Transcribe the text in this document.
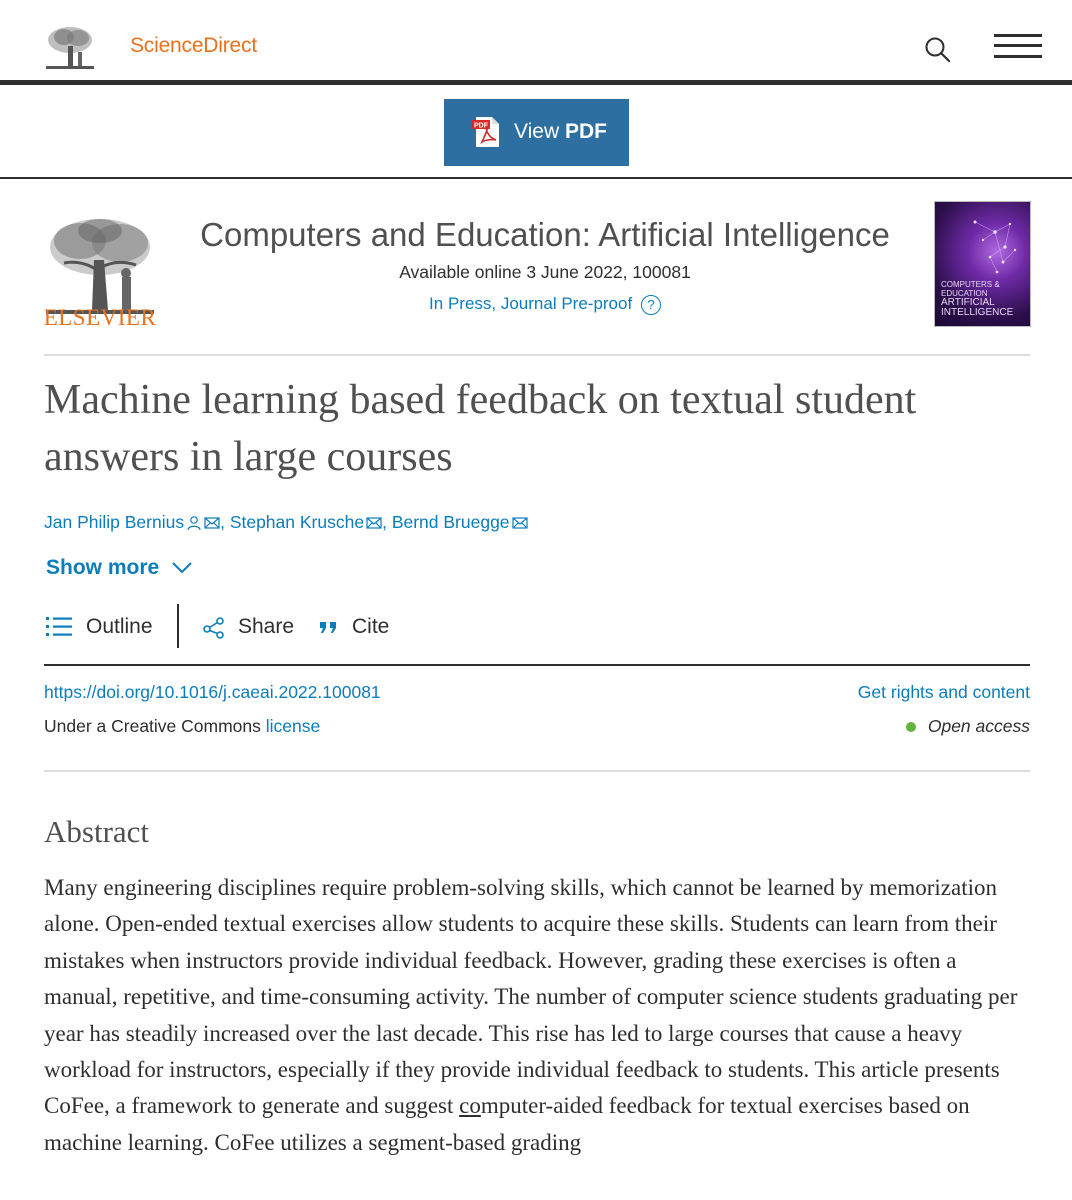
ScienceDirect
PDF View PDF
ELSEVIER
Computers and Education: Artificial Intelligence
Available online 3 June 2022, 100081
In Press, Journal Pre-proof ?
COMPUTERS & EDUCATION
ARTIFICIAL INTELLIGENCE
Machine learning based feedback on textual student answers in large courses
Jan Philip Bernius , Stephan Krusche , Bernd Bruegge
Show more
Outline	Share	Cite
https://doi.org/10.1016/j.caeai.2022.100081	Get rights and content
Under a Creative Commons license	Open access
Abstract

Many engineering disciplines require problem-solving skills, which cannot be learned by memorization alone. Open-ended textual exercises allow students to acquire these skills. Students can learn from their mistakes when instructors provide individual feedback. However, grading these exercises is often a manual, repetitive, and time-consuming activity. The number of computer science students graduating per year has steadily increased over the last decade. This rise has led to large courses that cause a heavy workload for instructors, especially if they provide individual feedback to students. This article presents CoFee, a framework to generate and suggest computer-aided feedback for textual exercises based on machine learning. CoFee utilizes a segment-based grading
